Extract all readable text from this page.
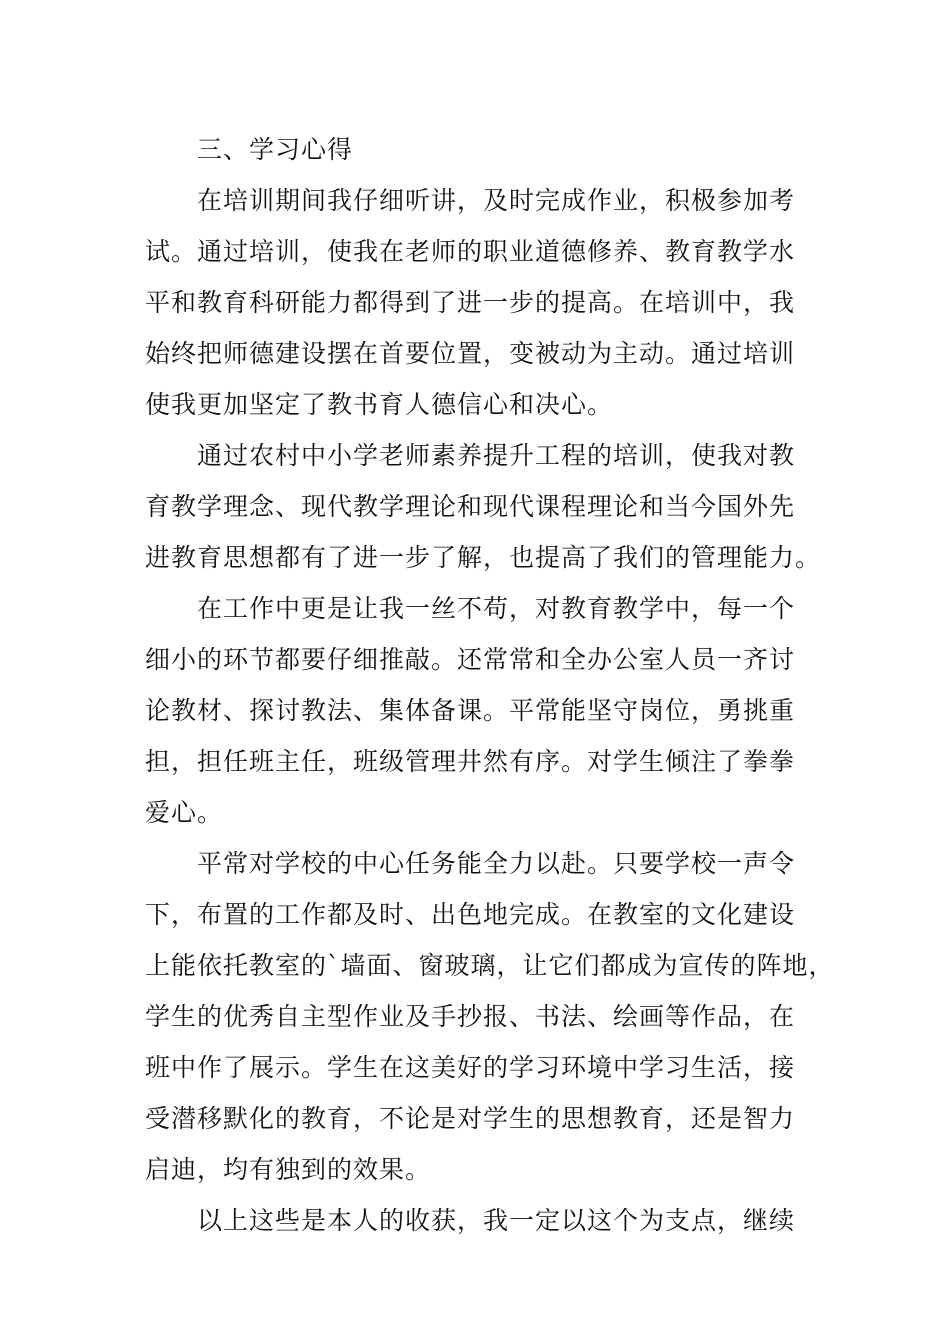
三、学习心得
在培训期间我仔细听讲，及时完成作业，积极参加考
试。通过培训，使我在老师的职业道德修养、教育教学水
平和教育科研能力都得到了进一步的提高。在培训中，我
始终把师德建设摆在首要位置，变被动为主动。通过培训
使我更加坚定了教书育人德信心和决心。
通过农村中小学老师素养提升工程的培训，使我对教
育教学理念、现代教学理论和现代课程理论和当今国外先
进教育思想都有了进一步了解，也提高了我们的管理能力。
在工作中更是让我一丝不苟，对教育教学中，每一个
细小的环节都要仔细推敲。还常常和全办公室人员一齐讨
论教材、探讨教法、集体备课。平常能坚守岗位，勇挑重
担，担任班主任，班级管理井然有序。对学生倾注了拳拳
爱心。
平常对学校的中心任务能全力以赴。只要学校一声令
下，布置的工作都及时、出色地完成。在教室的文化建设
上能依托教室的`墙面、窗玻璃，让它们都成为宣传的阵地，
学生的优秀自主型作业及手抄报、书法、绘画等作品，在
班中作了展示。学生在这美好的学习环境中学习生活，接
受潜移默化的教育，不论是对学生的思想教育，还是智力
启迪，均有独到的效果。
以上这些是本人的收获，我一定以这个为支点，继续
